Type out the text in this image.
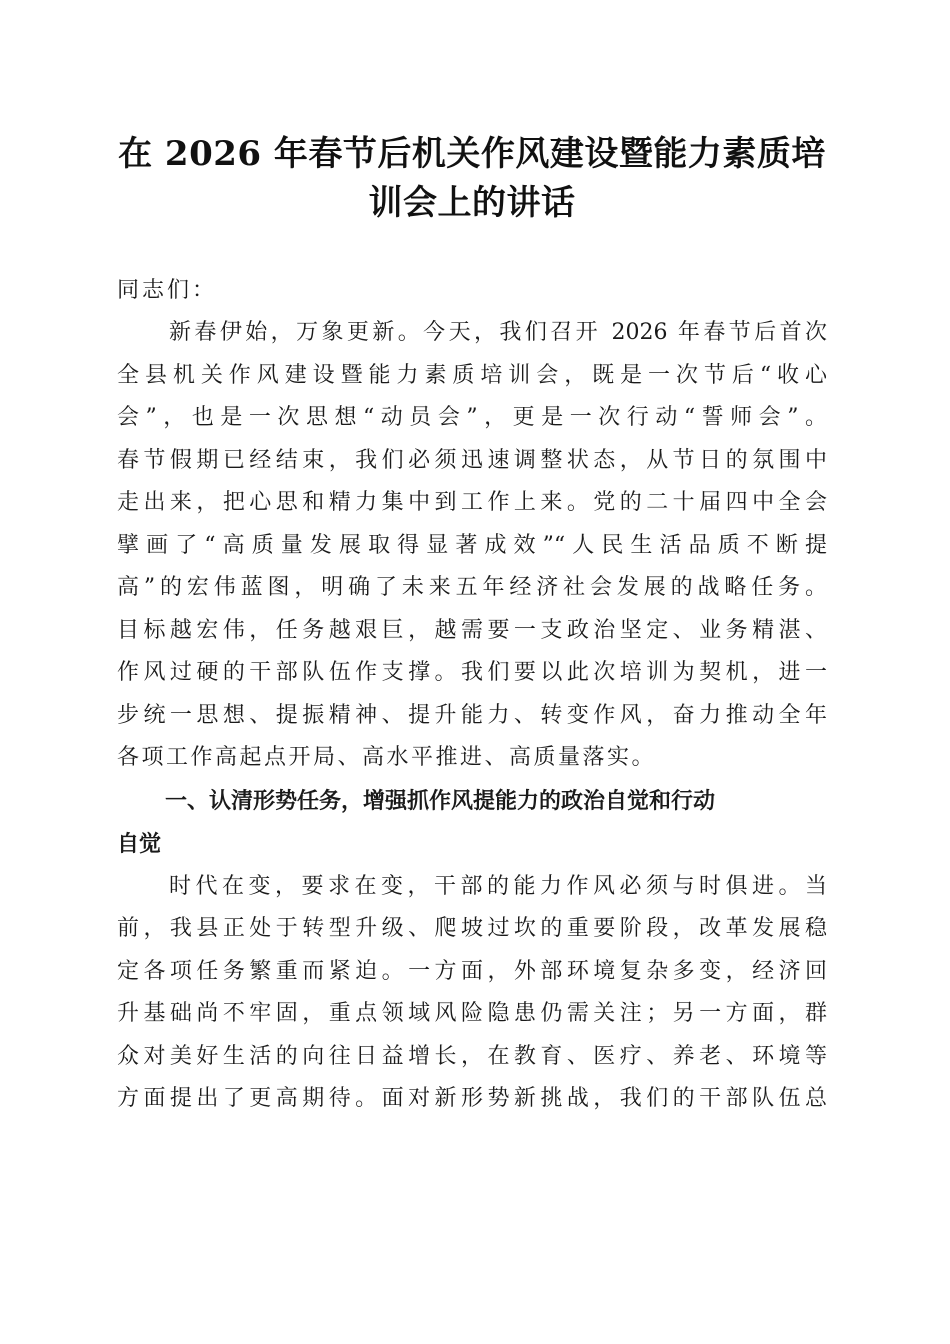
在 2026 年春节后机关作风建设暨能力素质培
训会上的讲话

同志们：

新春伊始，万象更新。今天，我们召开 2026 年春节后首次
全县机关作风建设暨能力素质培训会，既是一次节后“收心
会”，也是一次思想“动员会”，更是一次行动“誓师会”。
春节假期已经结束，我们必须迅速调整状态，从节日的氛围中
走出来，把心思和精力集中到工作上来。党的二十届四中全会
擘画了“高质量发展取得显著成效”“人民生活品质不断提
高”的宏伟蓝图，明确了未来五年经济社会发展的战略任务。
目标越宏伟，任务越艰巨，越需要一支政治坚定、业务精湛、
作风过硬的干部队伍作支撑。我们要以此次培训为契机，进一
步统一思想、提振精神、提升能力、转变作风，奋力推动全年
各项工作高起点开局、高水平推进、高质量落实。

一、认清形势任务，增强抓作风提能力的政治自觉和行动
自觉

时代在变，要求在变，干部的能力作风必须与时俱进。当
前，我县正处于转型升级、爬坡过坎的重要阶段，改革发展稳
定各项任务繁重而紧迫。一方面，外部环境复杂多变，经济回
升基础尚不牢固，重点领域风险隐患仍需关注；另一方面，群
众对美好生活的向往日益增长，在教育、医疗、养老、环境等
方面提出了更高期待。面对新形势新挑战，我们的干部队伍总
